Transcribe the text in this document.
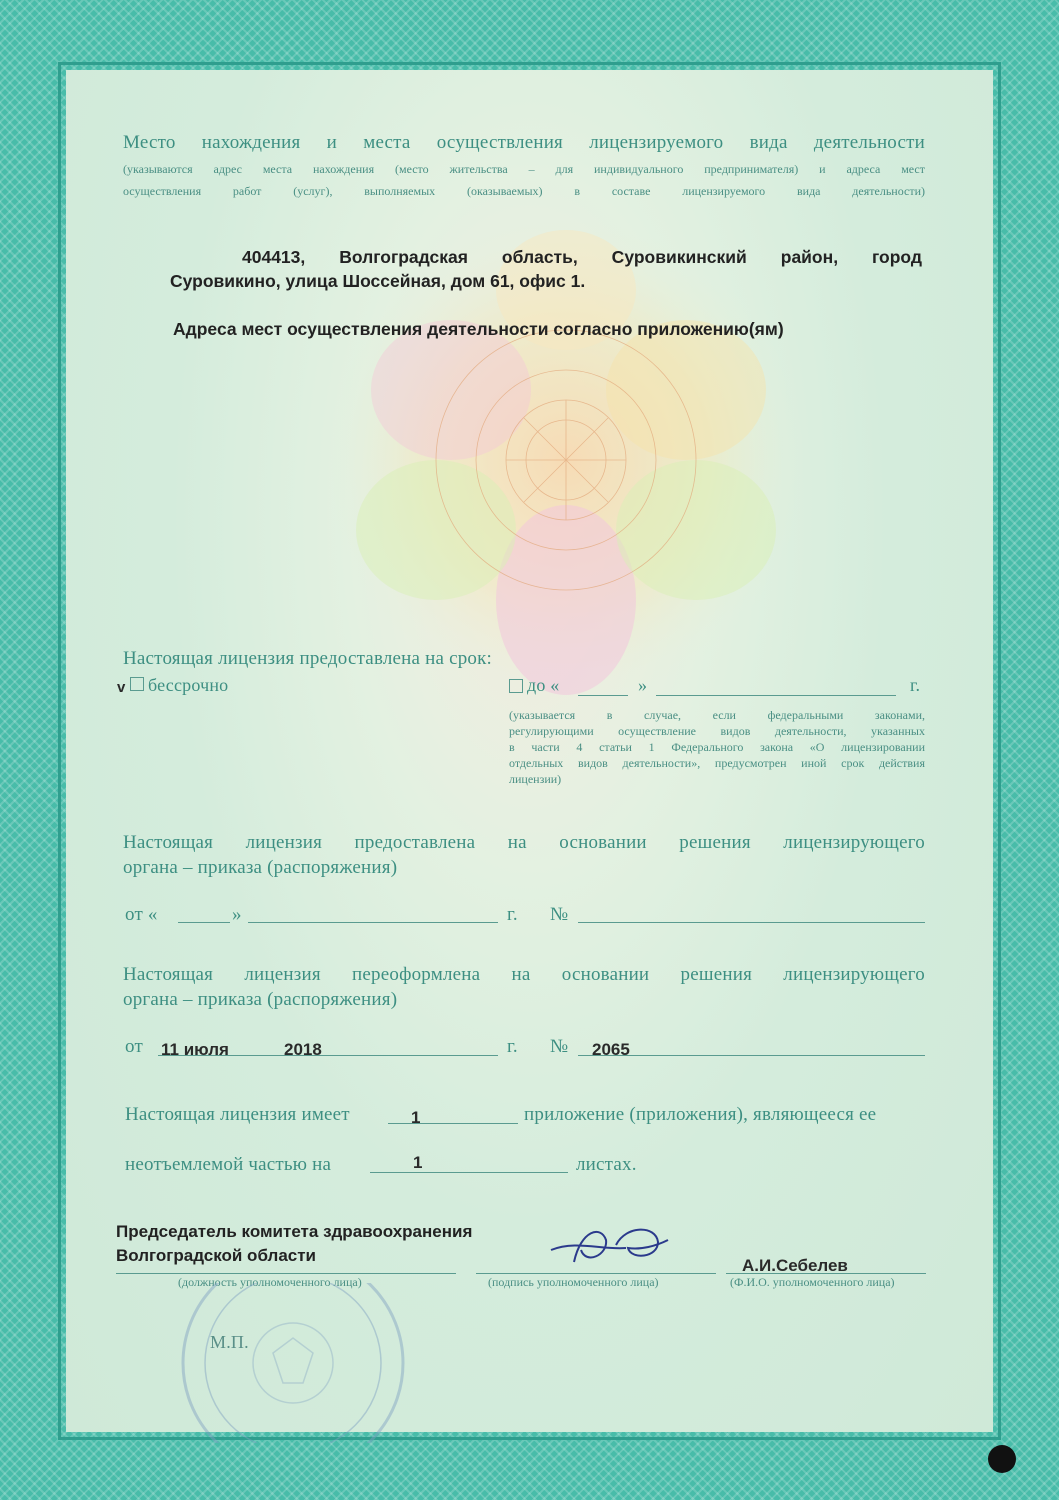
Место нахождения и места осуществления лицензируемого вида деятельности
(указываются адрес места нахождения (место жительства – для индивидуального предпринимателя) и адреса мест
осуществления работ (услуг), выполняемых (оказываемых) в составе лицензируемого вида деятельности)
404413, Волгоградская область, Суровикинский район, город
Суровикино, улица Шоссейная, дом 61, офис 1.
Адреса мест осуществления деятельности согласно приложению(ям)
Настоящая лицензия предоставлена на срок:
v бессрочно	до «	»	г.
(указывается в случае, если федеральными законами,
регулирующими осуществление видов деятельности, указанных
в части 4 статьи 1 Федерального закона «О лицензировании
отдельных видов деятельности», предусмотрен иной срок действия
лицензии)
Настоящая лицензия предоставлена на основании решения лицензирующего
органа – приказа (распоряжения)
от «	»	г. №
Настоящая лицензия переоформлена на основании решения лицензирующего
органа – приказа (распоряжения)
от 11 июля	2018	г. № 2065
Настоящая лицензия имеет	1	приложение (приложения), являющееся ее
неотъемлемой частью на	1	листах.
Председатель комитета здравоохранения
Волгоградской области
А.И.Себелев
(должность уполномоченного лица)	(подпись уполномоченного лица)	(Ф.И.О. уполномоченного лица)
М.П.
